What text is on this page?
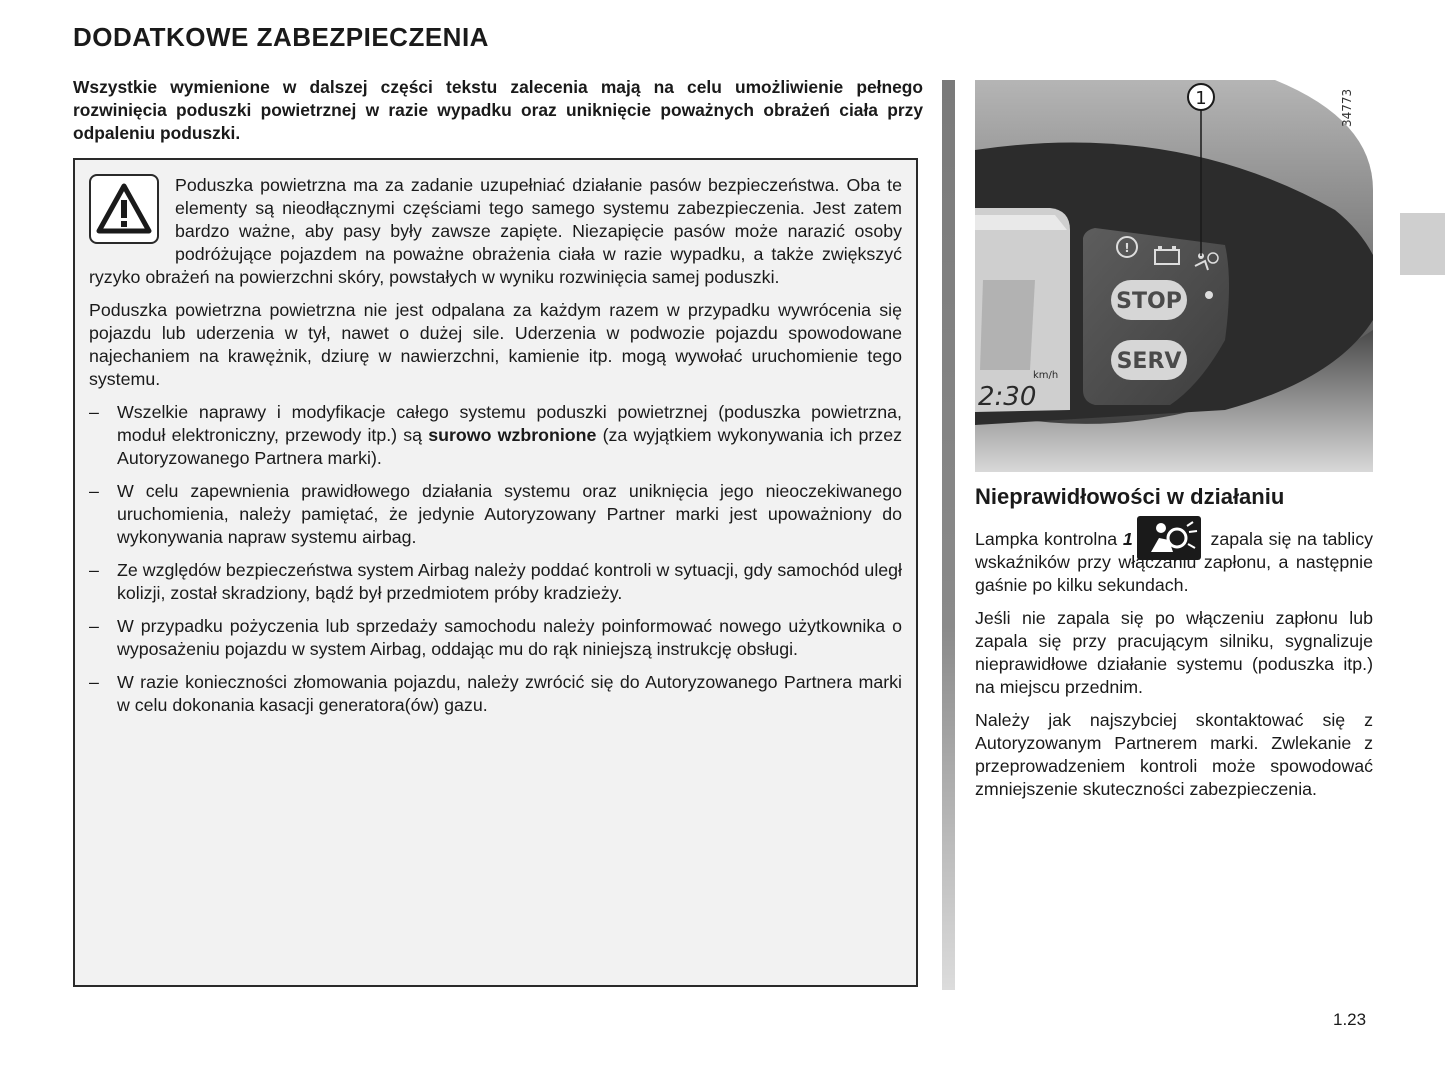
DODATKOWE ZABEZPIECZENIA

Wszystkie wymienione w dalszej części tekstu zalecenia mają na celu umożliwienie pełnego rozwinięcia poduszki powietrznej w razie wypadku oraz uniknięcie poważnych obrażeń ciała przy odpaleniu poduszki.

Poduszka powietrzna ma za zadanie uzupełniać działanie pasów bezpieczeństwa. Oba te elementy są nieodłącznymi częściami tego samego systemu zabezpieczenia. Jest zatem bardzo ważne, aby pasy były zawsze zapięte. Niezapięcie pasów może narazić osoby podróżujące pojazdem na poważne obrażenia ciała w razie wypadku, a także zwiększyć ryzyko obrażeń na powierzchni skóry, powstałych w wyniku rozwinięcia samej poduszki.

Poduszka powietrzna powietrzna nie jest odpalana za każdym razem w przypadku wywrócenia się pojazdu lub uderzenia w tył, nawet o dużej sile. Uderzenia w podwozie pojazdu spowodowane najechaniem na krawężnik, dziurę w nawierzchni, kamienie itp. mogą wywołać uruchomienie tego systemu.

– Wszelkie naprawy i modyfikacje całego systemu poduszki powietrznej (poduszka powietrzna, moduł elektroniczny, przewody itp.) są surowo wzbronione (za wyjątkiem wykonywania ich przez Autoryzowanego Partnera marki).
– W celu zapewnienia prawidłowego działania systemu oraz uniknięcia jego nieoczekiwanego uruchomienia, należy pamiętać, że jedynie Autoryzowany Partner marki jest upoważniony do wykonywania napraw systemu airbag.
– Ze względów bezpieczeństwa system Airbag należy poddać kontroli w sytuacji, gdy samochód uległ kolizji, został skradziony, bądź był przedmiotem próby kradzieży.
– W przypadku pożyczenia lub sprzedaży samochodu należy poinformować nowego użytkownika o wyposażeniu pojazdu w system Airbag, oddając mu do rąk niniejszą instrukcję obsługi.
– W razie konieczności złomowania pojazdu, należy zwrócić się do Autoryzowanego Partnera marki w celu dokonania kasacji generatora(ów) gazu.
2:30
km/h
!
STOP
SERV
1	34773
Nieprawidłowości w działaniu

Lampka kontrolna 1	zapala się na tablicy wskaźników przy włączaniu zapłonu, a następnie gaśnie po kilku sekundach.

Jeśli nie zapala się po włączeniu zapłonu lub zapala się przy pracującym silniku, sygnalizuje nieprawidłowe działanie systemu (poduszka itp.) na miejscu przednim.

Należy jak najszybciej skontaktować się z Autoryzowanym Partnerem marki. Zwlekanie z przeprowadzeniem kontroli może spowodować zmniejszenie skuteczności zabezpieczenia.

1.23
